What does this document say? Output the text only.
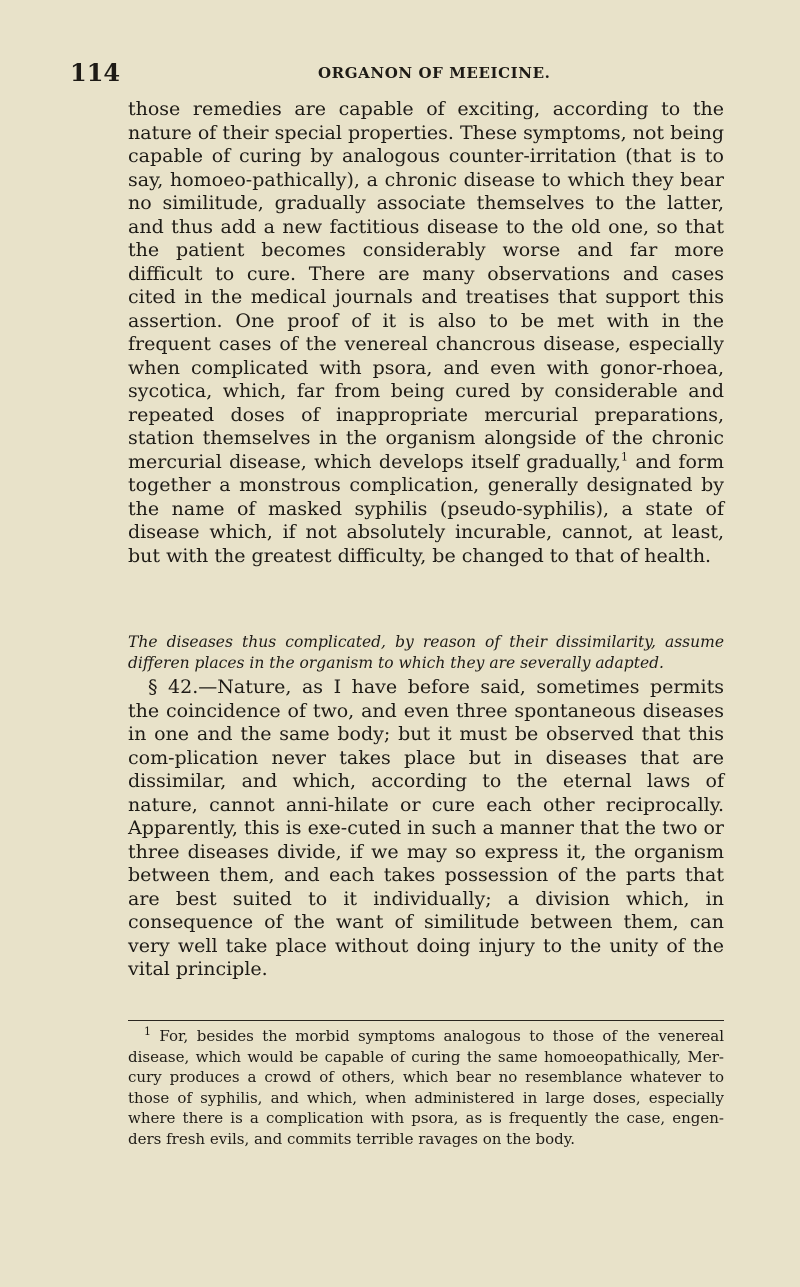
114	ORGANON OF MEEICINE.

those remedies are capable of exciting, according to the nature of their special properties. These symptoms, not being capable of curing by analogous counter-irritation (that is to say, homoeo-pathically), a chronic disease to which they bear no similitude, gradually associate themselves to the latter, and thus add a new factitious disease to the old one, so that the patient becomes considerably worse and far more difficult to cure. There are many observations and cases cited in the medical journals and treatises that support this assertion. One proof of it is also to be met with in the frequent cases of the venereal chancrous disease, especially when complicated with psora, and even with gonor-rhoea, sycotica, which, far from being cured by considerable and repeated doses of inappropriate mercurial preparations, station themselves in the organism alongside of the chronic mercurial disease, which develops itself gradually,$^1$ and form together a monstrous complication, generally designated by the name of masked syphilis (pseudo-syphilis), a state of disease which, if not absolutely incurable, cannot, at least, but with the greatest difficulty, be changed to that of health.

The diseases thus complicated, by reason of their dissimilarity, assume differen places in the organism to which they are severally adapted.

§ 42.—Nature, as I have before said, sometimes permits the coincidence of two, and even three spontaneous diseases in one and the same body; but it must be observed that this com-plication never takes place but in diseases that are dissimilar, and which, according to the eternal laws of nature, cannot anni-hilate or cure each other reciprocally. Apparently, this is exe-cuted in such a manner that the two or three diseases divide, if we may so express it, the organism between them, and each takes possession of the parts that are best suited to it individually; a division which, in consequence of the want of similitude between them, can very well take place without doing injury to the unity of the vital principle.

$^1$ For, besides the morbid symptoms analogous to those of the venereal disease, which would be capable of curing the same homoeopathically, Mer-cury produces a crowd of others, which bear no resemblance whatever to those of syphilis, and which, when administered in large doses, especially where there is a complication with psora, as is frequently the case, engen-ders fresh evils, and commits terrible ravages on the body.
